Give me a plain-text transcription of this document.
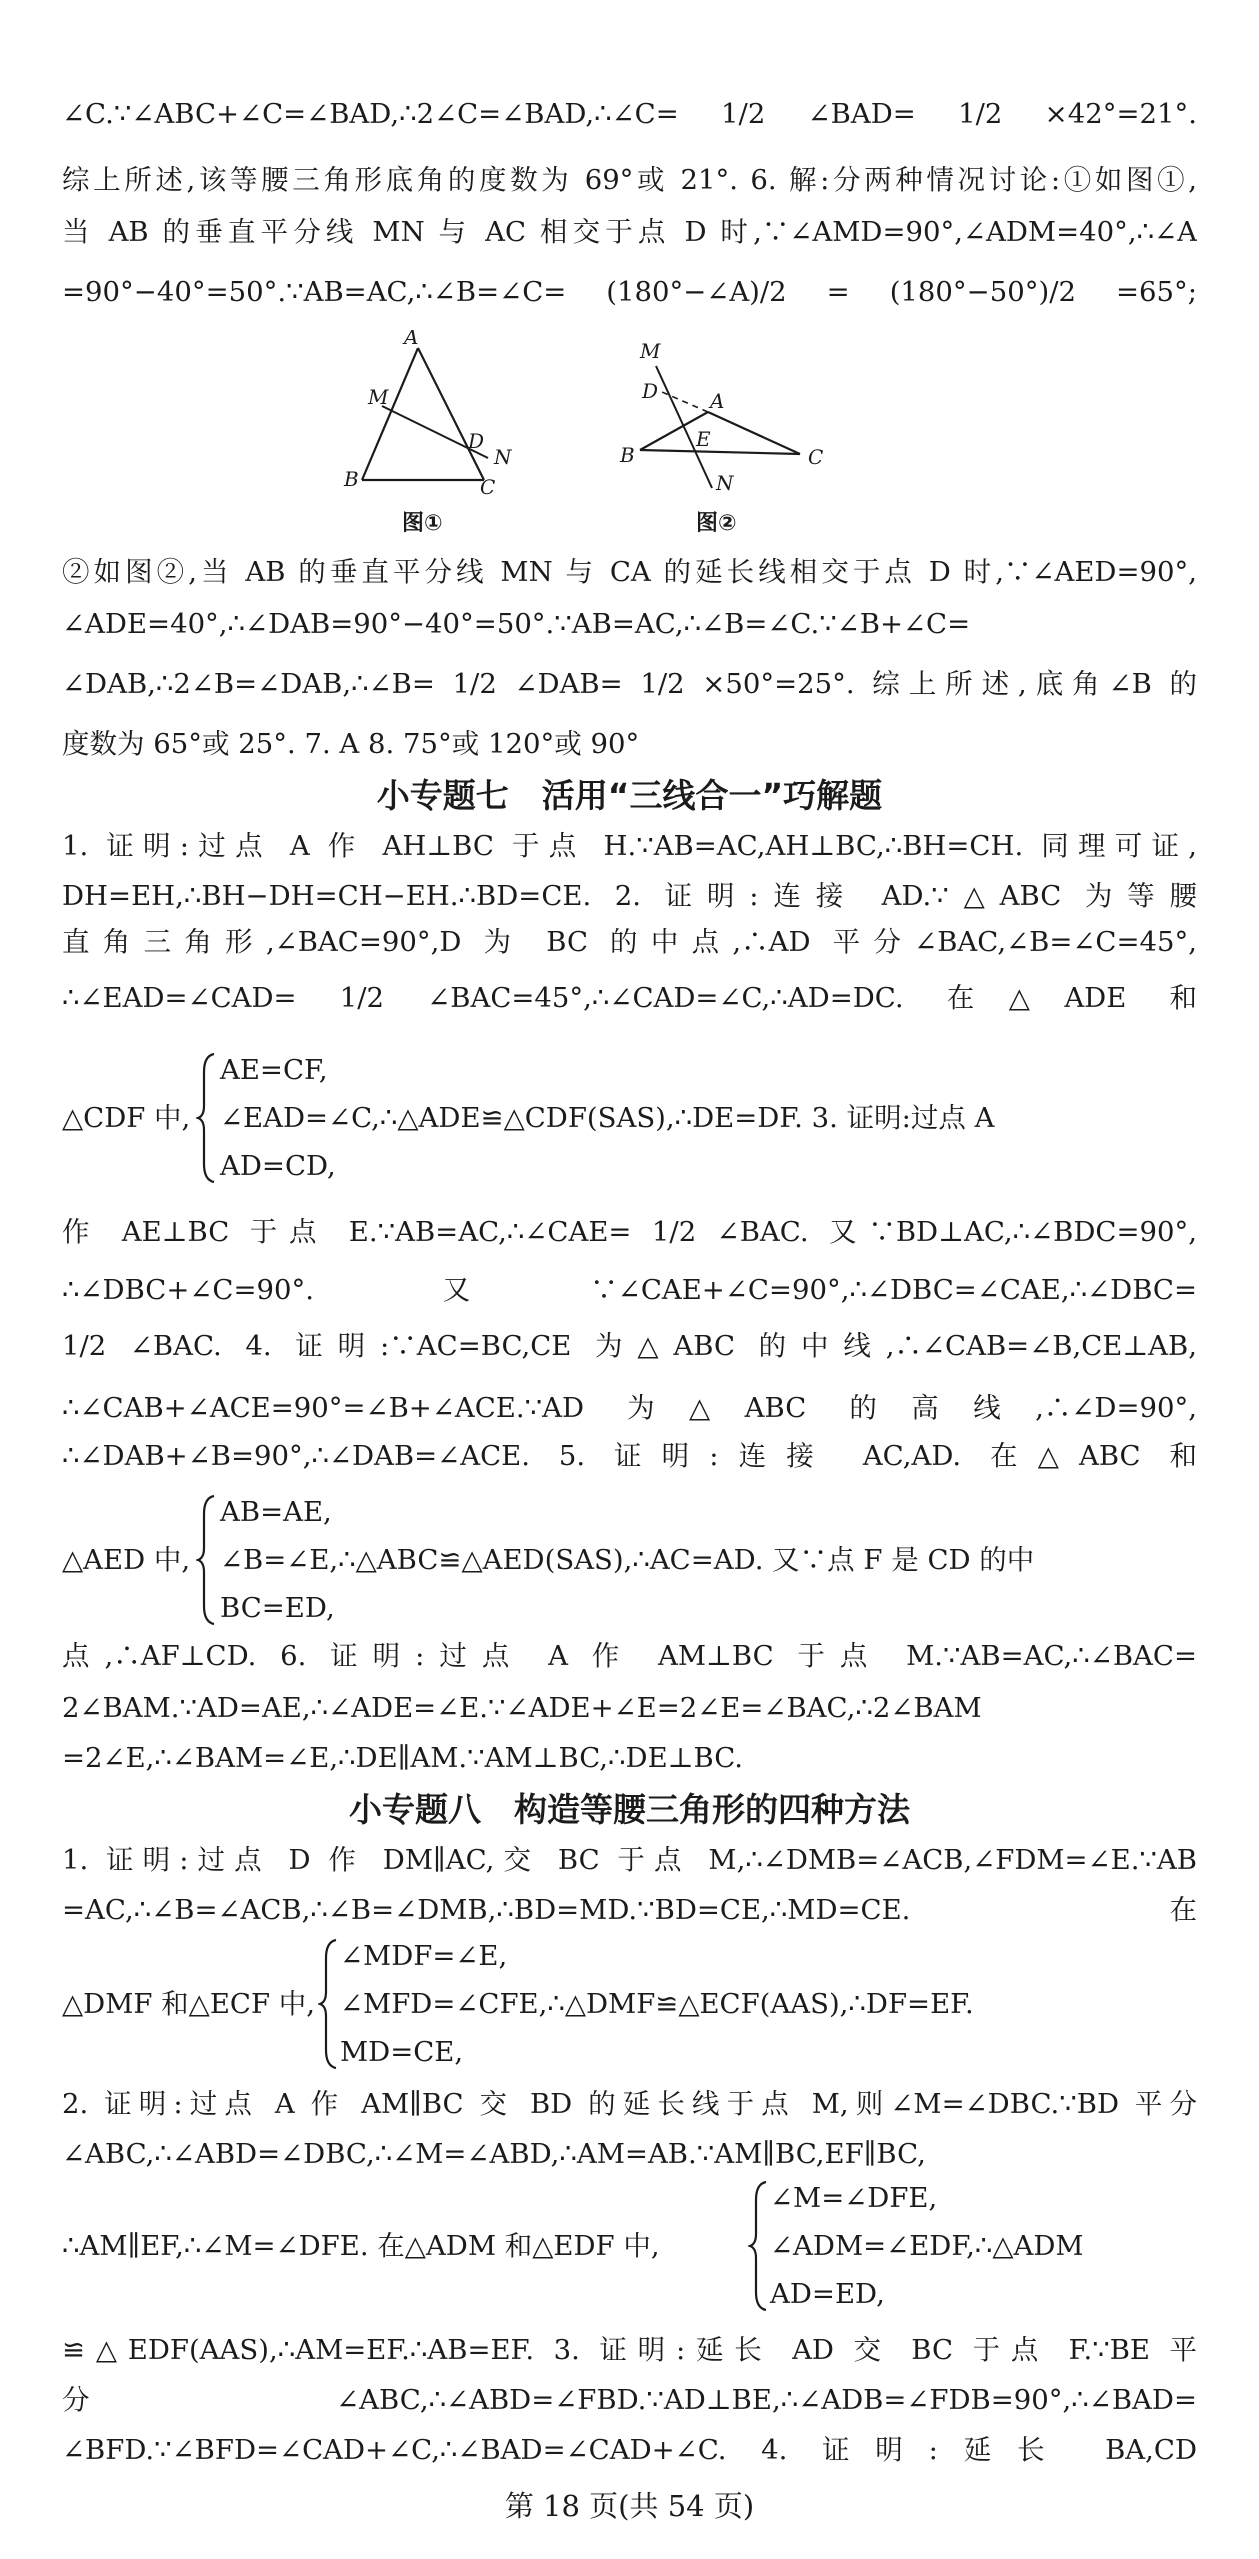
∠C.∵∠ABC+∠C=∠BAD,∴2∠C=∠BAD,∴∠C= 1/2 ∠BAD= 1/2 ×42°=21°.
综上所述,该等腰三角形底角的度数为 69°或 21°. 6. 解:分两种情况讨论:①如图①,
当 AB 的垂直平分线 MN 与 AC 相交于点 D 时,∵∠AMD=90°,∠ADM=40°,∴∠A
=90°−40°=50°.∵AB=AC,∴∠B=∠C= (180°−∠A)/2 = (180°−50°)/2 =65°;
A
M
D
N
B	C
M
D	A
E
B	C
N
图①	图②
②如图②,当 AB 的垂直平分线 MN 与 CA 的延长线相交于点 D 时,∵∠AED=90°,
∠ADE=40°,∴∠DAB=90°−40°=50°.∵AB=AC,∴∠B=∠C.∵∠B+∠C=
∠DAB,∴2∠B=∠DAB,∴∠B= 1/2 ∠DAB= 1/2 ×50°=25°. 综上所述,底角∠B 的
度数为 65°或 25°. 7. A 8. 75°或 120°或 90°
小专题七　活用“三线合一”巧解题
1. 证明:过点 A 作 AH⊥BC 于点 H.∵AB=AC,AH⊥BC,∴BH=CH. 同理可证,
DH=EH,∴BH−DH=CH−EH.∴BD=CE. 2. 证明:连接 AD.∵△ABC 为等腰
直角三角形,∠BAC=90°,D 为 BC 的中点,∴AD 平分∠BAC,∠B=∠C=45°,
∴∠EAD=∠CAD= 1/2 ∠BAC=45°,∴∠CAD=∠C,∴AD=DC. 在△ADE 和
△CDF 中,
AE=CF,
∠EAD=∠C,∴△ADE≌△CDF(SAS),∴DE=DF. 3. 证明:过点 A
AD=CD,
作 AE⊥BC 于点 E.∵AB=AC,∴∠CAE= 1/2 ∠BAC. 又∵BD⊥AC,∴∠BDC=90°,
∴∠DBC+∠C=90°. 又∵∠CAE+∠C=90°,∴∠DBC=∠CAE,∴∠DBC=
1/2 ∠BAC. 4. 证明:∵AC=BC,CE 为△ABC 的中线,∴∠CAB=∠B,CE⊥AB,
∴∠CAB+∠ACE=90°=∠B+∠ACE.∵AD 为△ABC 的高线,∴∠D=90°,
∴∠DAB+∠B=90°,∴∠DAB=∠ACE. 5. 证明:连接 AC,AD. 在△ABC 和
△AED 中,
AB=AE,
∠B=∠E,∴△ABC≌△AED(SAS),∴AC=AD. 又∵点 F 是 CD 的中
BC=ED,
点,∴AF⊥CD. 6. 证明:过点 A 作 AM⊥BC 于点 M.∵AB=AC,∴∠BAC=
2∠BAM.∵AD=AE,∴∠ADE=∠E.∵∠ADE+∠E=2∠E=∠BAC,∴2∠BAM
=2∠E,∴∠BAM=∠E,∴DE∥AM.∵AM⊥BC,∴DE⊥BC.
小专题八　构造等腰三角形的四种方法
1. 证明:过点 D 作 DM∥AC,交 BC 于点 M,∴∠DMB=∠ACB,∠FDM=∠E.∵AB
=AC,∴∠B=∠ACB,∴∠B=∠DMB,∴BD=MD.∵BD=CE,∴MD=CE. 在
△DMF 和△ECF 中,
∠MDF=∠E,
∠MFD=∠CFE,∴△DMF≌△ECF(AAS),∴DF=EF.
MD=CE,
2. 证明:过点 A 作 AM∥BC 交 BD 的延长线于点 M,则∠M=∠DBC.∵BD 平分
∠ABC,∴∠ABD=∠DBC,∴∠M=∠ABD,∴AM=AB.∵AM∥BC,EF∥BC,
∴AM∥EF,∴∠M=∠DFE. 在△ADM 和△EDF 中,
∠M=∠DFE,
∠ADM=∠EDF,∴△ADM
AD=ED,
≌△EDF(AAS),∴AM=EF.∴AB=EF. 3. 证明:延长 AD 交 BC 于点 F.∵BE 平
分∠ABC,∴∠ABD=∠FBD.∵AD⊥BE,∴∠ADB=∠FDB=90°,∴∠BAD=
∠BFD.∵∠BFD=∠CAD+∠C,∴∠BAD=∠CAD+∠C. 4. 证明:延长 BA,CD
第 18 页(共 54 页)
